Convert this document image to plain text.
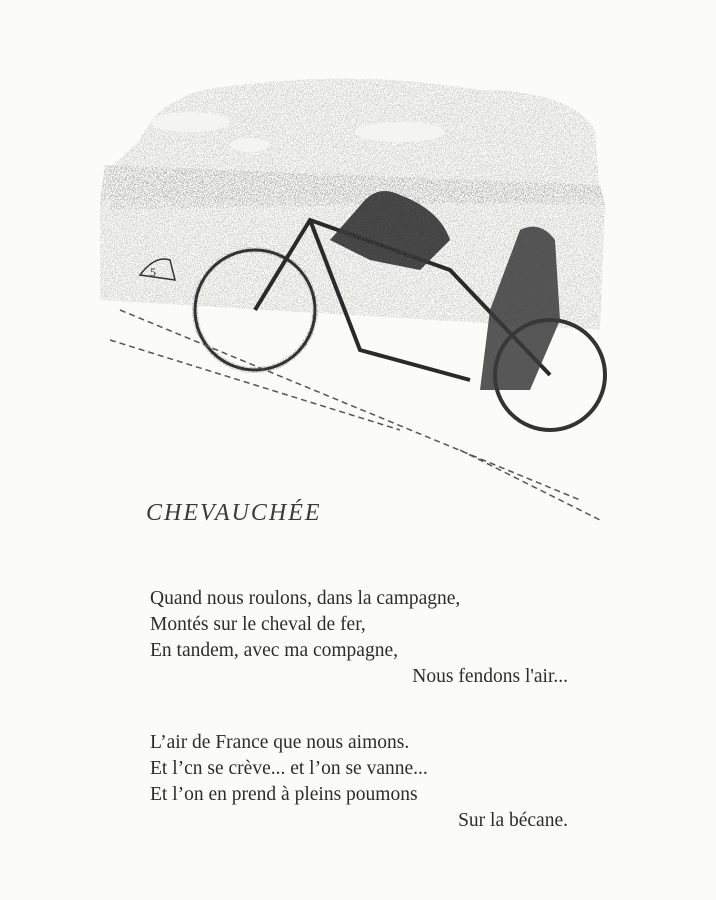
5
CHEVAUCHÉE
Quand nous roulons, dans la campagne,
Montés sur le cheval de fer,
En tandem, avec ma compagne,
Nous fendons l'air...
L’air de France que nous aimons.
Et l’cn se crève... et l’on se vanne...
Et l’on en prend à pleins poumons
Sur la bécane.
